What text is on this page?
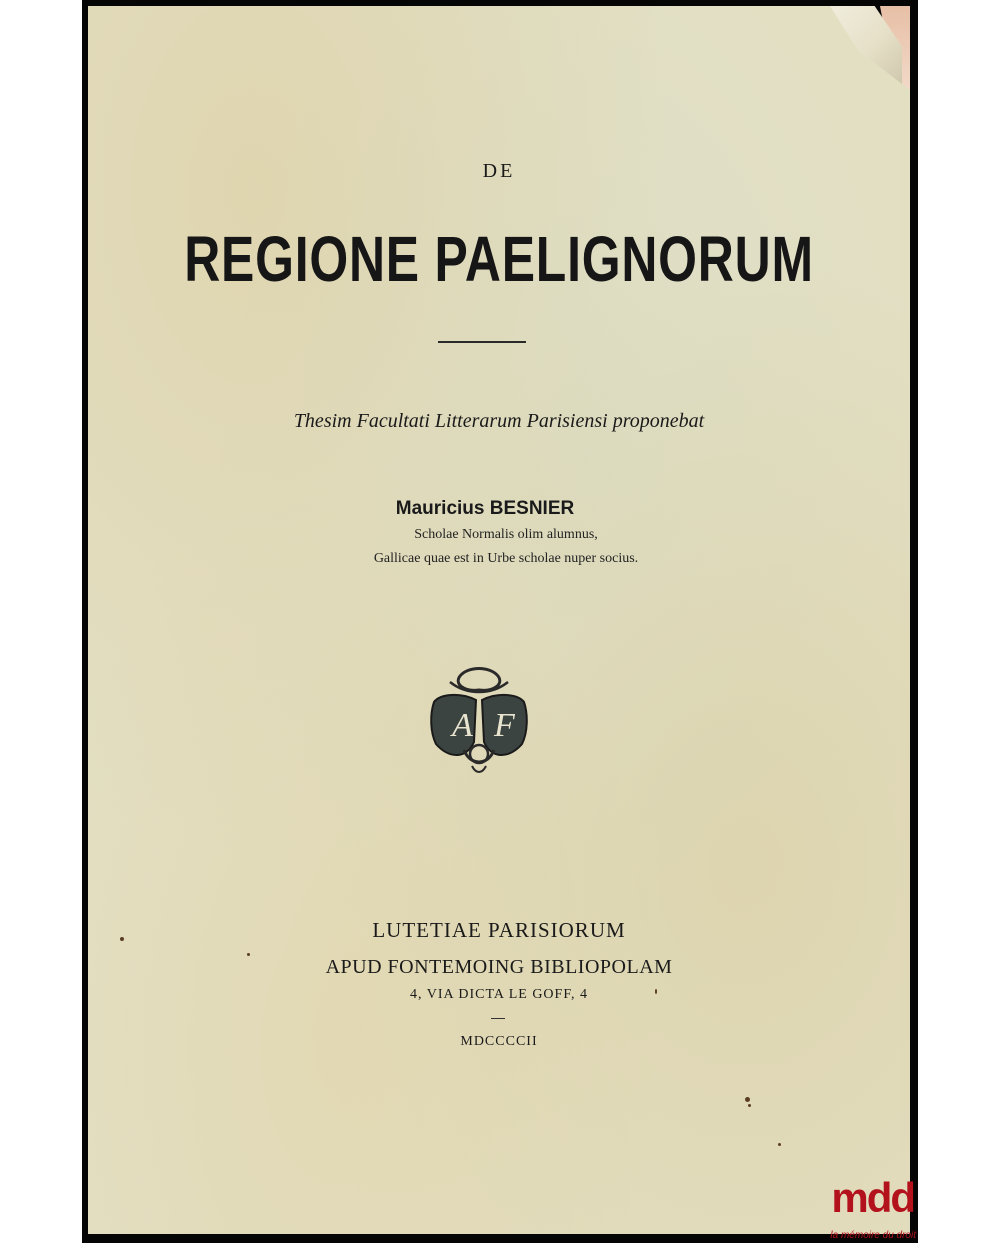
DE
REGIONE PAELIGNORUM
Thesim Facultati Litterarum Parisiensi proponebat
Mauricius BESNIER
Scholae Normalis olim alumnus,
Gallicae quae est in Urbe scholae nuper socius.
A F
LUTETIAE PARISIORUM
APUD FONTEMOING BIBLIOPOLAM
4, VIA DICTA LE GOFF, 4
MDCCCCII
mdd
la mémoire du droit
